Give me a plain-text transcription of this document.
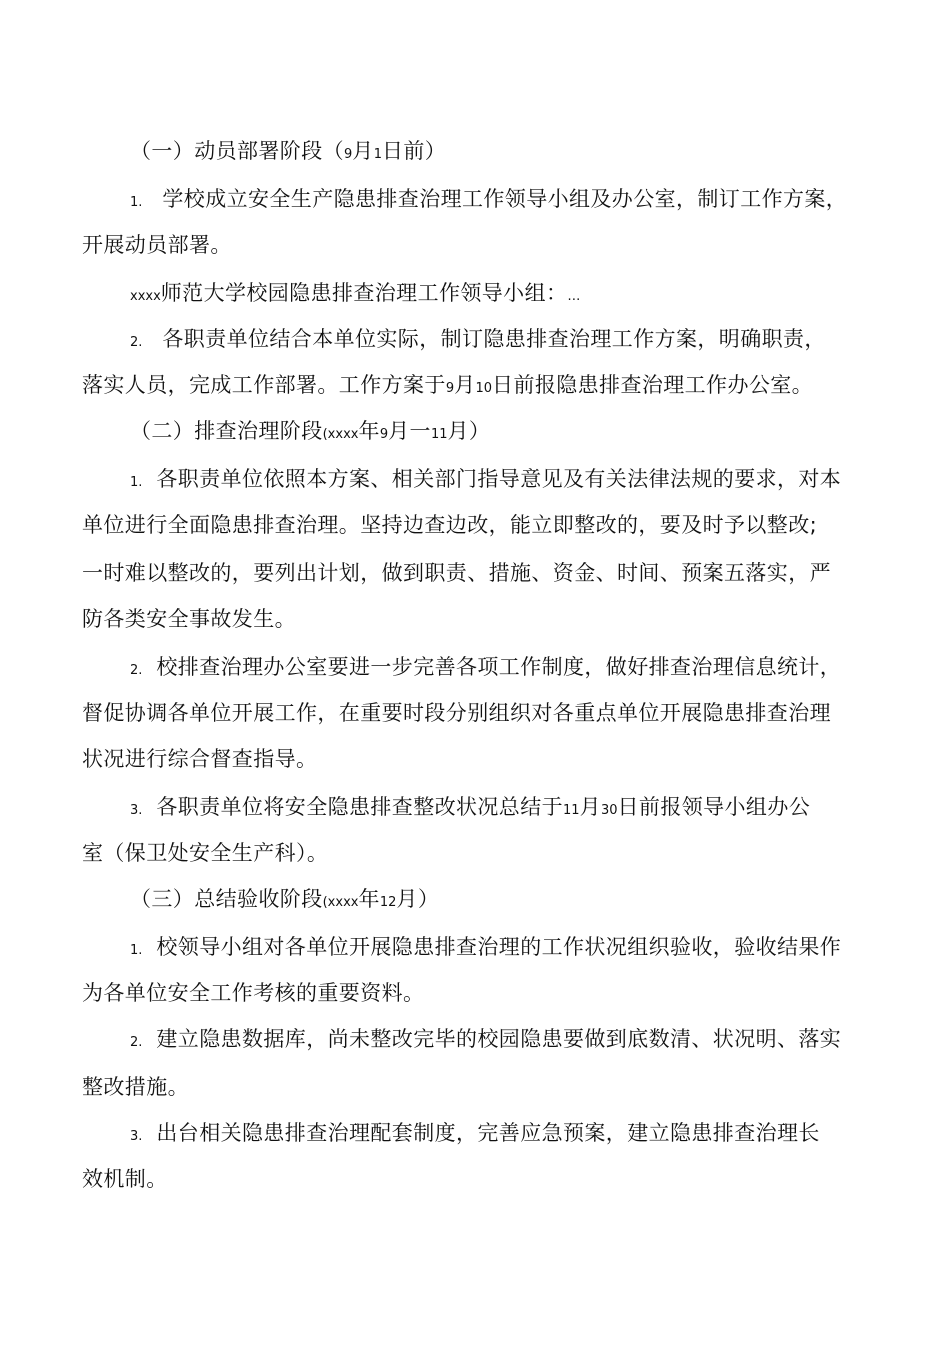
（一）动员部署阶段（9月1日前）
1. 学校成立安全生产隐患排查治理工作领导小组及办公室，制订工作方案，
开展动员部署。
xxxx师范大学校园隐患排查治理工作领导小组：…
2. 各职责单位结合本单位实际，制订隐患排查治理工作方案，明确职责，
落实人员，完成工作部署。工作方案于9月10日前报隐患排查治理工作办公室。
（二）排查治理阶段(xxxx年9月一11月）
1. 各职责单位依照本方案、相关部门指导意见及有关法律法规的要求，对本
单位进行全面隐患排查治理。坚持边查边改，能立即整改的，要及时予以整改;
一时难以整改的，要列出计划，做到职责、措施、资金、时间、预案五落实，严
防各类安全事故发生。
2. 校排查治理办公室要进一步完善各项工作制度，做好排查治理信息统计，
督促协调各单位开展工作，在重要时段分别组织对各重点单位开展隐患排查治理
状况进行综合督查指导。
3. 各职责单位将安全隐患排查整改状况总结于11月30日前报领导小组办公
室（保卫处安全生产科）。
（三）总结验收阶段(xxxx年12月）
1. 校领导小组对各单位开展隐患排查治理的工作状况组织验收，验收结果作
为各单位安全工作考核的重要资料。
2. 建立隐患数据库，尚未整改完毕的校园隐患要做到底数清、状况明、落实
整改措施。
3. 出台相关隐患排查治理配套制度，完善应急预案，建立隐患排查治理长
效机制。
